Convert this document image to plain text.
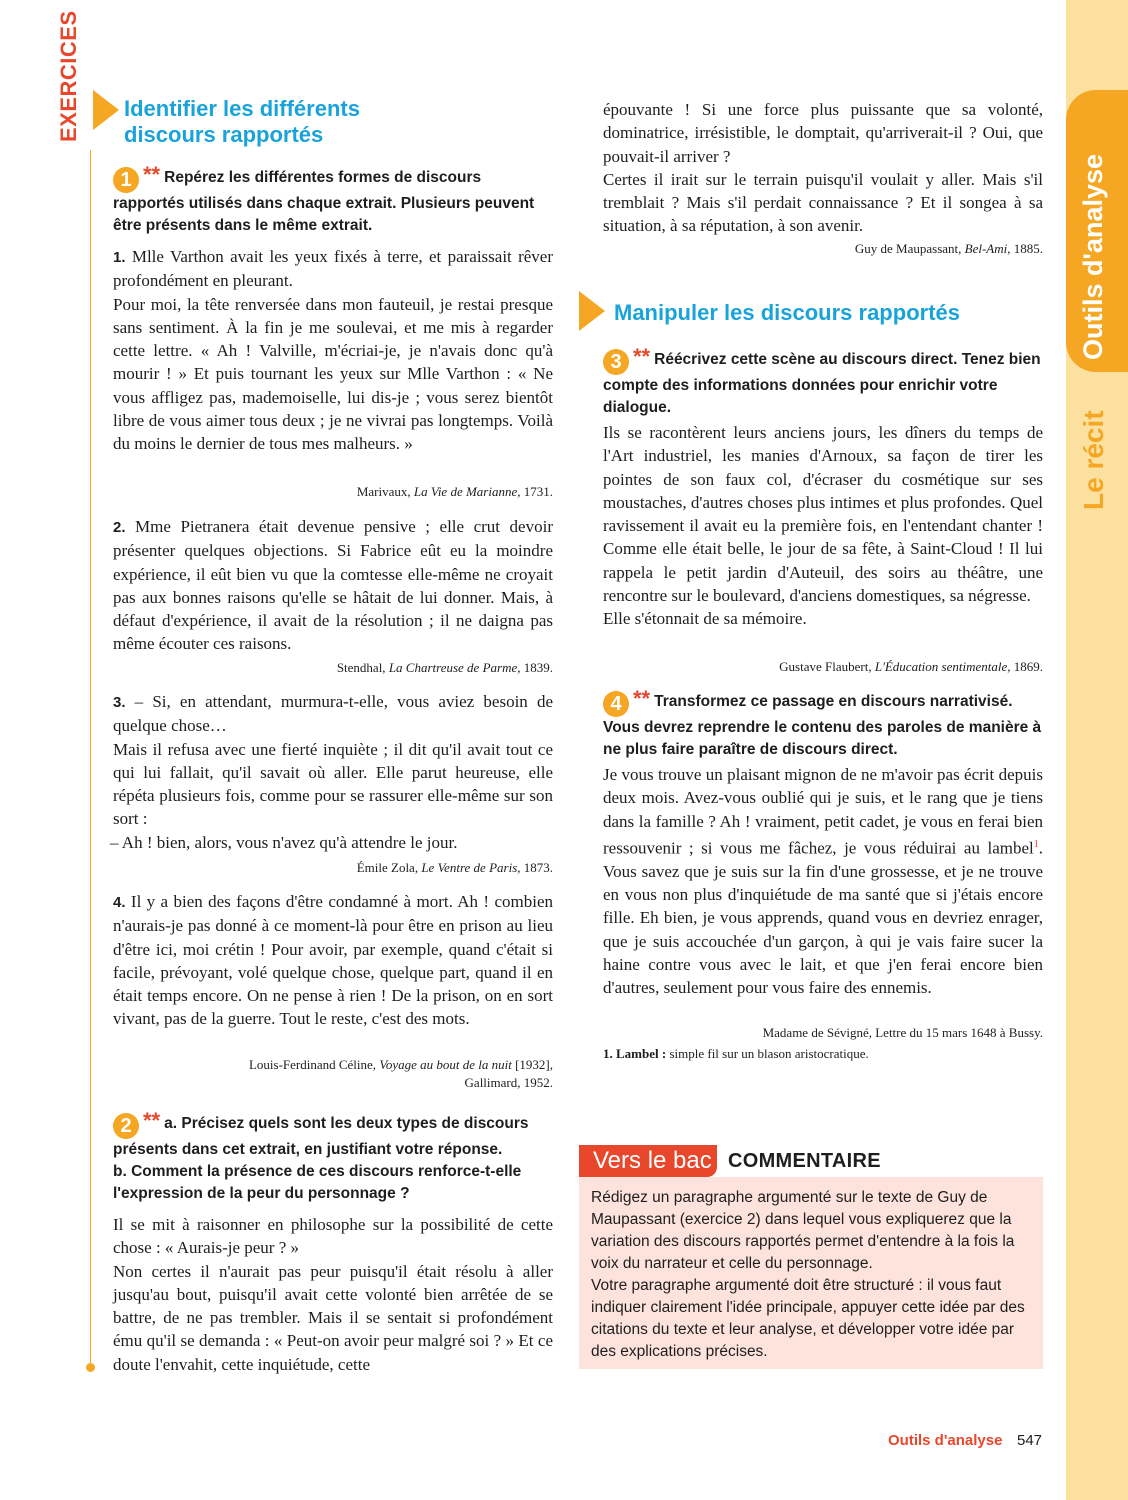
EXERCICES
Outils d'analyse
Le récit
Identifier les différents
discours rapportés
1 ** Repérez les différentes formes de discours rapportés utilisés dans chaque extrait. Plusieurs peuvent être présents dans le même extrait.

1. Mlle Varthon avait les yeux fixés à terre, et paraissait rêver profondément en pleurant.

Pour moi, la tête renversée dans mon fauteuil, je restai presque sans sentiment. À la fin je me soulevai, et me mis à regarder cette lettre. « Ah ! Valville, m'écriai-je, je n'avais donc qu'à mourir ! » Et puis tournant les yeux sur Mlle Varthon : « Ne vous affligez pas, mademoiselle, lui dis-je ; vous serez bientôt libre de vous aimer tous deux ; je ne vivrai pas longtemps. Voilà du moins le dernier de tous mes malheurs. »

Marivaux, La Vie de Marianne, 1731.

2. Mme Pietranera était devenue pensive ; elle crut devoir présenter quelques objections. Si Fabrice eût eu la moindre expérience, il eût bien vu que la comtesse elle-même ne croyait pas aux bonnes raisons qu'elle se hâtait de lui donner. Mais, à défaut d'expérience, il avait de la résolution ; il ne daigna pas même écouter ces raisons.

Stendhal, La Chartreuse de Parme, 1839.

3. – Si, en attendant, murmura-t-elle, vous aviez besoin de quelque chose…

Mais il refusa avec une fierté inquiète ; il dit qu'il avait tout ce qui lui fallait, qu'il savait où aller. Elle parut heureuse, elle répéta plusieurs fois, comme pour se rassurer elle-même sur son sort :

– Ah ! bien, alors, vous n'avez qu'à attendre le jour.

Émile Zola, Le Ventre de Paris, 1873.

4. Il y a bien des façons d'être condamné à mort. Ah ! combien n'aurais-je pas donné à ce moment-là pour être en prison au lieu d'être ici, moi crétin ! Pour avoir, par exemple, quand c'était si facile, prévoyant, volé quelque chose, quelque part, quand il en était temps encore. On ne pense à rien ! De la prison, on en sort vivant, pas de la guerre. Tout le reste, c'est des mots.

Louis-Ferdinand Céline, Voyage au bout de la nuit [1932],
Gallimard, 1952.
2 ** a. Précisez quels sont les deux types de discours présents dans cet extrait, en justifiant votre réponse.
b. Comment la présence de ces discours renforce-t-elle l'expression de la peur du personnage ?

Il se mit à raisonner en philosophe sur la possibilité de cette chose : « Aurais-je peur ? »

Non certes il n'aurait pas peur puisqu'il était résolu à aller jusqu'au bout, puisqu'il avait cette volonté bien arrêtée de se battre, de ne pas trembler. Mais il se sentait si profondément ému qu'il se demanda : « Peut-on avoir peur malgré soi ? » Et ce doute l'envahit, cette inquiétude, cette

épouvante ! Si une force plus puissante que sa volonté, dominatrice, irrésistible, le domptait, qu'arriverait-il ? Oui, que pouvait-il arriver ?

Certes il irait sur le terrain puisqu'il voulait y aller. Mais s'il tremblait ? Mais s'il perdait connaissance ? Et il songea à sa situation, à sa réputation, à son avenir.

Guy de Maupassant, Bel-Ami, 1885.
Manipuler les discours rapportés
3 ** Réécrivez cette scène au discours direct. Tenez bien compte des informations données pour enrichir votre dialogue.

Ils se racontèrent leurs anciens jours, les dîners du temps de l'Art industriel, les manies d'Arnoux, sa façon de tirer les pointes de son faux col, d'écraser du cosmétique sur ses moustaches, d'autres choses plus intimes et plus profondes. Quel ravissement il avait eu la première fois, en l'entendant chanter ! Comme elle était belle, le jour de sa fête, à Saint-Cloud ! Il lui rappela le petit jardin d'Auteuil, des soirs au théâtre, une rencontre sur le boulevard, d'anciens domestiques, sa négresse.

Elle s'étonnait de sa mémoire.

Gustave Flaubert, L'Éducation sentimentale, 1869.
4 ** Transformez ce passage en discours narrativisé. Vous devrez reprendre le contenu des paroles de manière à ne plus faire paraître de discours direct.

Je vous trouve un plaisant mignon de ne m'avoir pas écrit depuis deux mois. Avez-vous oublié qui je suis, et le rang que je tiens dans la famille ? Ah ! vraiment, petit cadet, je vous en ferai bien ressouvenir ; si vous me fâchez, je vous réduirai au lambel$^1$. Vous savez que je suis sur la fin d'une grossesse, et je ne trouve en vous non plus d'inquiétude de ma santé que si j'étais encore fille. Eh bien, je vous apprends, quand vous en devriez enrager, que je suis accouchée d'un garçon, à qui je vais faire sucer la haine contre vous avec le lait, et que j'en ferai encore bien d'autres, seulement pour vous faire des ennemis.

Madame de Sévigné, Lettre du 15 mars 1648 à Bussy.
1. Lambel : simple fil sur un blason aristocratique.
Vers le bac COMMENTAIRE

Rédigez un paragraphe argumenté sur le texte de Guy de Maupassant (exercice 2) dans lequel vous expliquerez que la variation des discours rapportés permet d'entendre à la fois la voix du narrateur et celle du personnage.

Votre paragraphe argumenté doit être structuré : il vous faut indiquer clairement l'idée principale, appuyer cette idée par des citations du texte et leur analyse, et développer votre idée par des explications précises.

Outils d'analyse 547
